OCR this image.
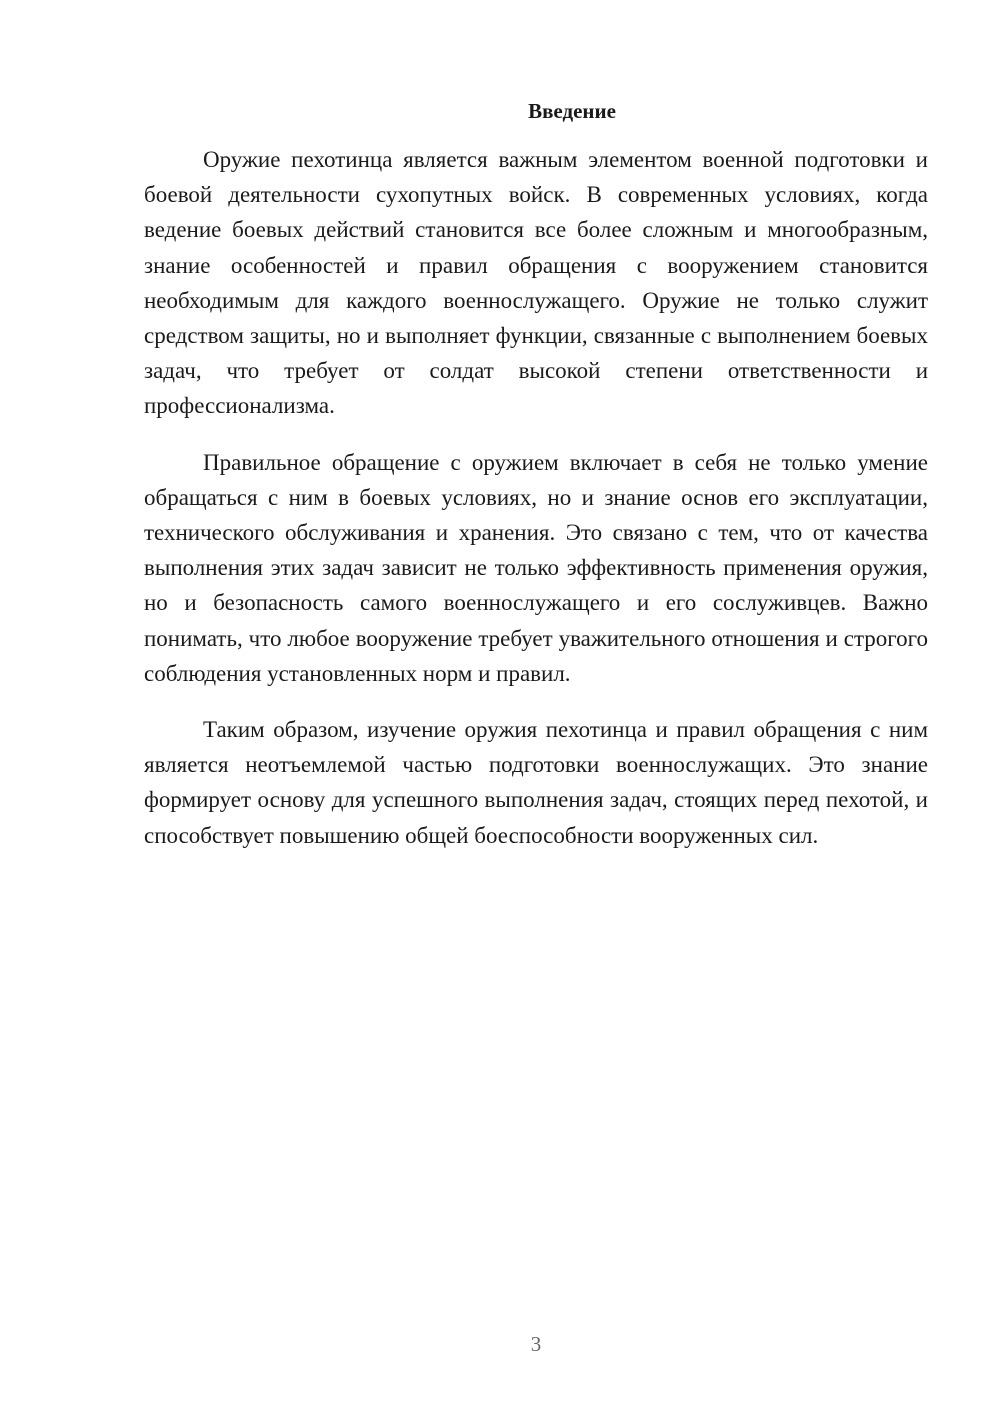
Введение

Оружие пехотинца является важным элементом военной подготовки и боевой деятельности сухопутных войск. В современных условиях, когда ведение боевых действий становится все более сложным и многообразным, знание особенностей и правил обращения с вооружением становится необходимым для каждого военнослужащего. Оружие не только служит средством защиты, но и выполняет функции, связанные с выполнением боевых задач, что требует от солдат высокой степени ответственности и профессионализма.

Правильное обращение с оружием включает в себя не только умение обращаться с ним в боевых условиях, но и знание основ его эксплуатации, технического обслуживания и хранения. Это связано с тем, что от качества выполнения этих задач зависит не только эффективность применения оружия, но и безопасность самого военнослужащего и его сослуживцев. Важно понимать, что любое вооружение требует уважительного отношения и строгого соблюдения установленных норм и правил.

Таким образом, изучение оружия пехотинца и правил обращения с ним является неотъемлемой частью подготовки военнослужащих. Это знание формирует основу для успешного выполнения задач, стоящих перед пехотой, и способствует повышению общей боеспособности вооруженных сил.

3
